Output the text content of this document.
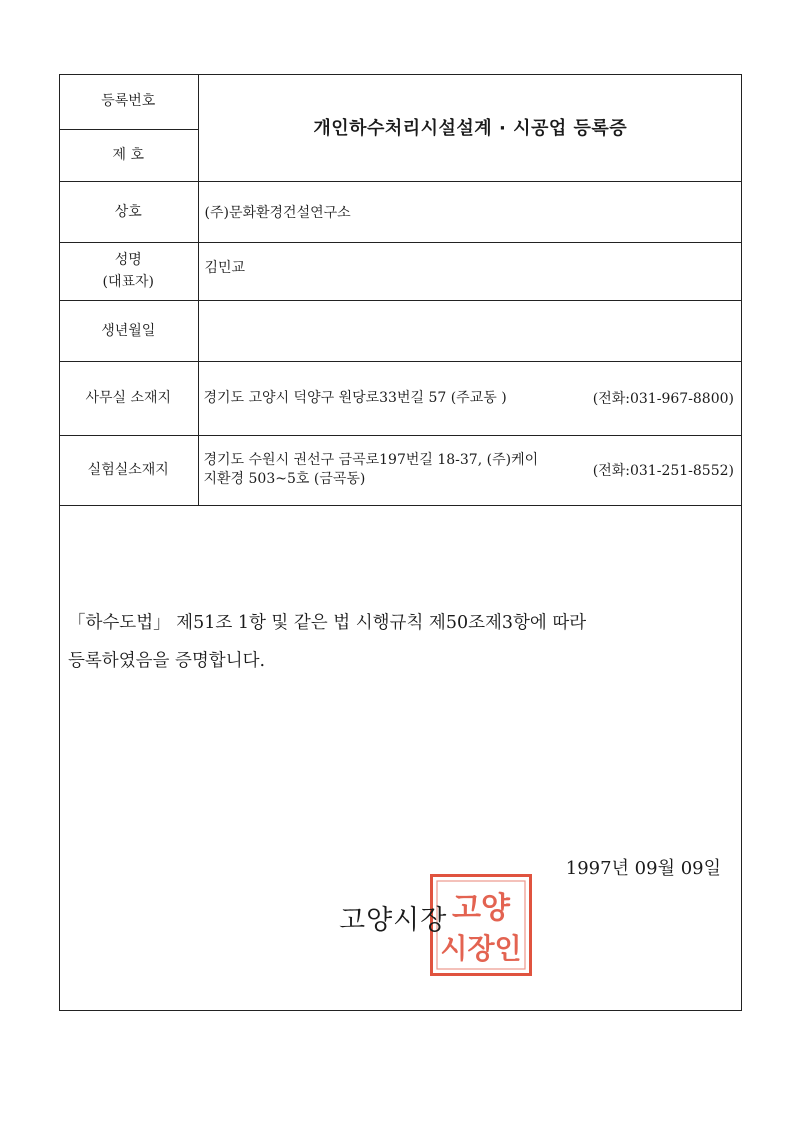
등록번호	개인하수처리시설설계 · 시공업 등록증
제 호	
상호	(주)문화환경건설연구소

성명
(대표자)	김민교
생년월일	
사무실 소재지	경기도 고양시 덕양구 원당로33번길 57 (주교동 ) (전화:031-967-8800)

실험실소재지	경기도 수원시 권선구 금곡로197번길 18-37, (주)케이지환경 503~5호 (금곡동) (전화:031-251-8552)

「하수도법」 제51조 1항 및 같은 법 시행규칙 제50조제3항에 따라
등록하였음을 증명합니다.

1997년 09월 09일
고양
시장인
고양시장
